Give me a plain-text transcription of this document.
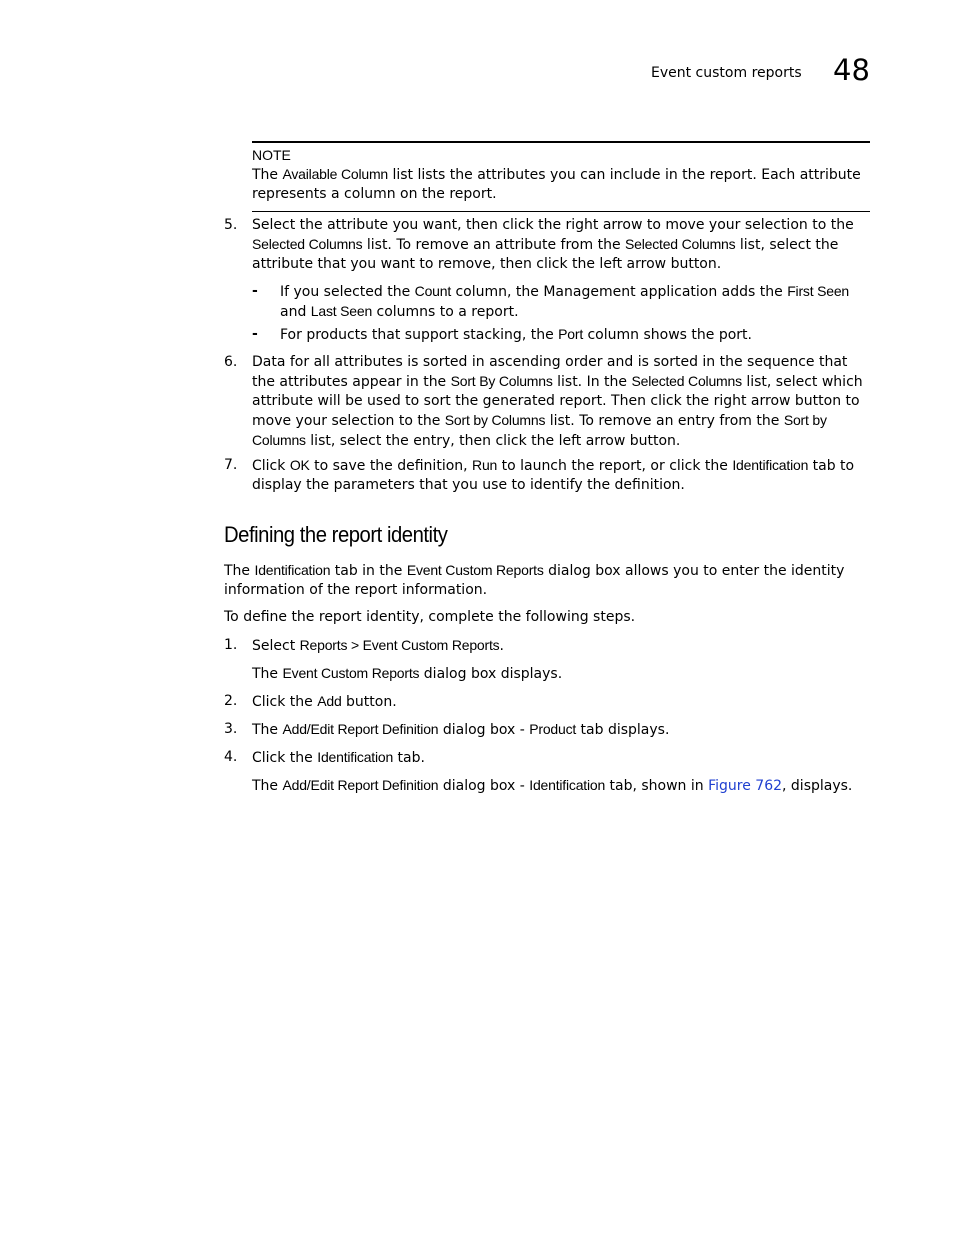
Event custom reports 48
NOTE
The Available Column list lists the attributes you can include in the report. Each attribute represents a column on the report.
5. Select the attribute you want, then click the right arrow to move your selection to the Selected Columns list. To remove an attribute from the Selected Columns list, select the attribute that you want to remove, then click the left arrow button.
- If you selected the Count column, the Management application adds the First Seen and Last Seen columns to a report.
- For products that support stacking, the Port column shows the port.
6. Data for all attributes is sorted in ascending order and is sorted in the sequence that the attributes appear in the Sort By Columns list. In the Selected Columns list, select which attribute will be used to sort the generated report. Then click the right arrow button to move your selection to the Sort by Columns list. To remove an entry from the Sort by Columns list, select the entry, then click the left arrow button.
7. Click OK to save the definition, Run to launch the report, or click the Identification tab to display the parameters that you use to identify the definition.
Defining the report identity
The Identification tab in the Event Custom Reports dialog box allows you to enter the identity information of the report information.
To define the report identity, complete the following steps.
1. Select Reports > Event Custom Reports.
The Event Custom Reports dialog box displays.
2. Click the Add button.
3. The Add/Edit Report Definition dialog box - Product tab displays.
4. Click the Identification tab.
The Add/Edit Report Definition dialog box - Identification tab, shown in Figure 762, displays.
